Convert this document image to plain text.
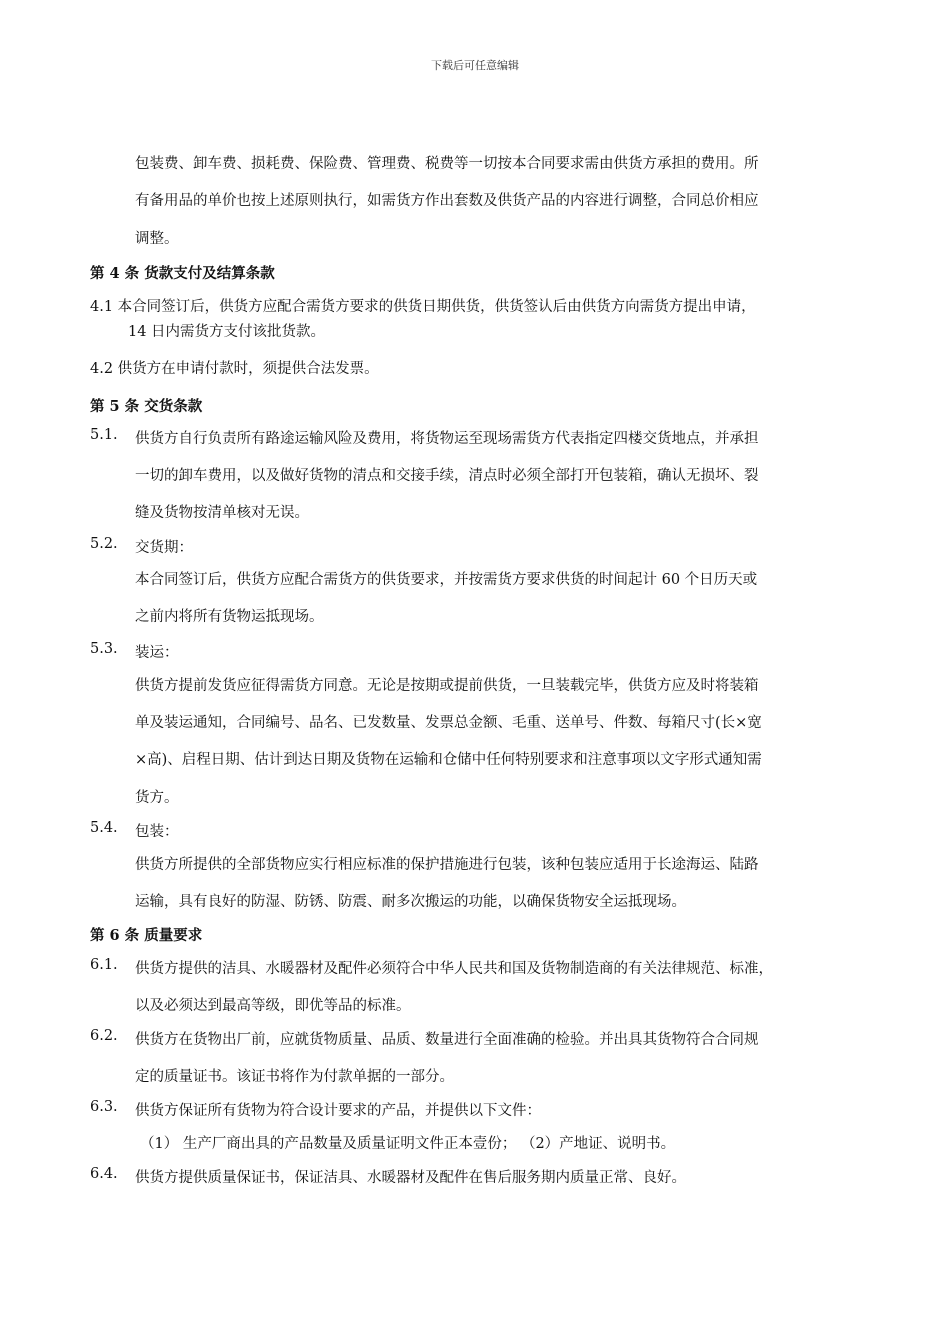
下载后可任意编辑
包装费、卸车费、损耗费、保险费、管理费、税费等一切按本合同要求需由供货方承担的费用。所
有备用品的单价也按上述原则执行，如需货方作出套数及供货产品的内容进行调整，合同总价相应
调整。
第 4 条 货款支付及结算条款
4.1 本合同签订后，供货方应配合需货方要求的供货日期供货，供货签认后由供货方向需货方提出申请，
14 日内需货方支付该批货款。
4.2 供货方在申请付款时，须提供合法发票。
第 5 条 交货条款
5.1. 供货方自行负责所有路途运输风险及费用，将货物运至现场需货方代表指定四楼交货地点，并承担
一切的卸车费用，以及做好货物的清点和交接手续，清点时必须全部打开包装箱，确认无损坏、裂
缝及货物按清单核对无误。
5.2. 交货期：
本合同签订后，供货方应配合需货方的供货要求，并按需货方要求供货的时间起计 60 个日历天或
之前内将所有货物运抵现场。
5.3. 装运：
供货方提前发货应征得需货方同意。无论是按期或提前供货，一旦装载完毕，供货方应及时将装箱
单及装运通知，合同编号、品名、已发数量、发票总金额、毛重、送单号、件数、每箱尺寸(长×宽
×高)、启程日期、估计到达日期及货物在运输和仓储中任何特别要求和注意事项以文字形式通知需
货方。
5.4. 包装：
供货方所提供的全部货物应实行相应标准的保护措施进行包装，该种包装应适用于长途海运、陆路
运输，具有良好的防湿、防锈、防震、耐多次搬运的功能，以确保货物安全运抵现场。
第 6 条 质量要求
6.1. 供货方提供的洁具、水暖器材及配件必须符合中华人民共和国及货物制造商的有关法律规范、标准，
以及必须达到最高等级，即优等品的标准。
6.2. 供货方在货物出厂前，应就货物质量、品质、数量进行全面准确的检验。并出具其货物符合合同规
定的质量证书。该证书将作为付款单据的一部分。
6.3. 供货方保证所有货物为符合设计要求的产品，并提供以下文件：
（1） 生产厂商出具的产品数量及质量证明文件正本壹份； （2）产地证、说明书。
6.4. 供货方提供质量保证书，保证洁具、水暖器材及配件在售后服务期内质量正常、良好。
